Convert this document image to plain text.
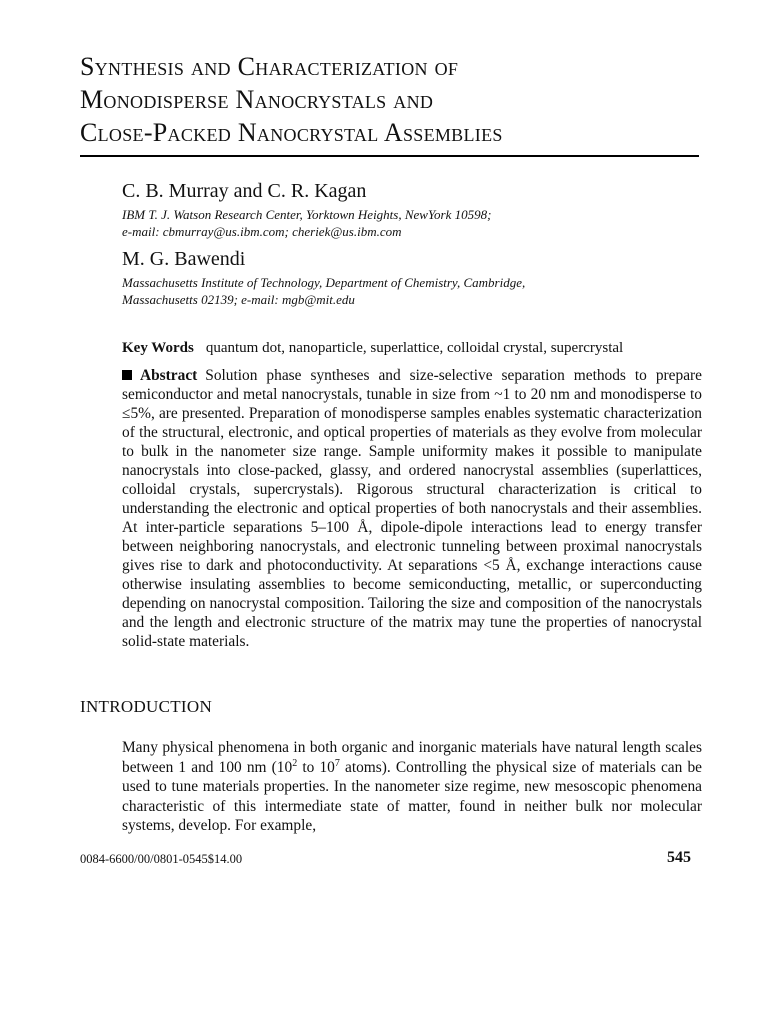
Synthesis and Characterization of
Monodisperse Nanocrystals and
Close-Packed Nanocrystal Assemblies
C. B. Murray and C. R. Kagan
IBM T. J. Watson Research Center, Yorktown Heights, NewYork 10598;
e-mail: cbmurray@us.ibm.com; cheriek@us.ibm.com
M. G. Bawendi
Massachusetts Institute of Technology, Department of Chemistry, Cambridge,
Massachusetts 02139; e-mail: mgb@mit.edu
Key Words quantum dot, nanoparticle, superlattice, colloidal crystal, supercrystal

Abstract Solution phase syntheses and size-selective separation methods to prepare semiconductor and metal nanocrystals, tunable in size from ~1 to 20 nm and monodisperse to ≤5%, are presented. Preparation of monodisperse samples enables systematic characterization of the structural, electronic, and optical properties of materials as they evolve from molecular to bulk in the nanometer size range. Sample uniformity makes it possible to manipulate nanocrystals into close-packed, glassy, and ordered nanocrystal assemblies (superlattices, colloidal crystals, supercrystals). Rigorous structural characterization is critical to understanding the electronic and optical properties of both nanocrystals and their assemblies. At inter-particle separations 5–100 Å, dipole-dipole interactions lead to energy transfer between neighboring nanocrystals, and electronic tunneling between proximal nanocrystals gives rise to dark and photoconductivity. At separations <5 Å, exchange interactions cause otherwise insulating assemblies to become semiconducting, metallic, or superconducting depending on nanocrystal composition. Tailoring the size and composition of the nanocrystals and the length and electronic structure of the matrix may tune the properties of nanocrystal solid-state materials.

INTRODUCTION

Many physical phenomena in both organic and inorganic materials have natural length scales between 1 and 100 nm ($10^2$ to $10^7$ atoms). Controlling the physical size of materials can be used to tune materials properties. In the nanometer size regime, new mesoscopic phenomena characteristic of this intermediate state of matter, found in neither bulk nor molecular systems, develop. For example,

0084-6600/00/0801-0545$14.00	545
